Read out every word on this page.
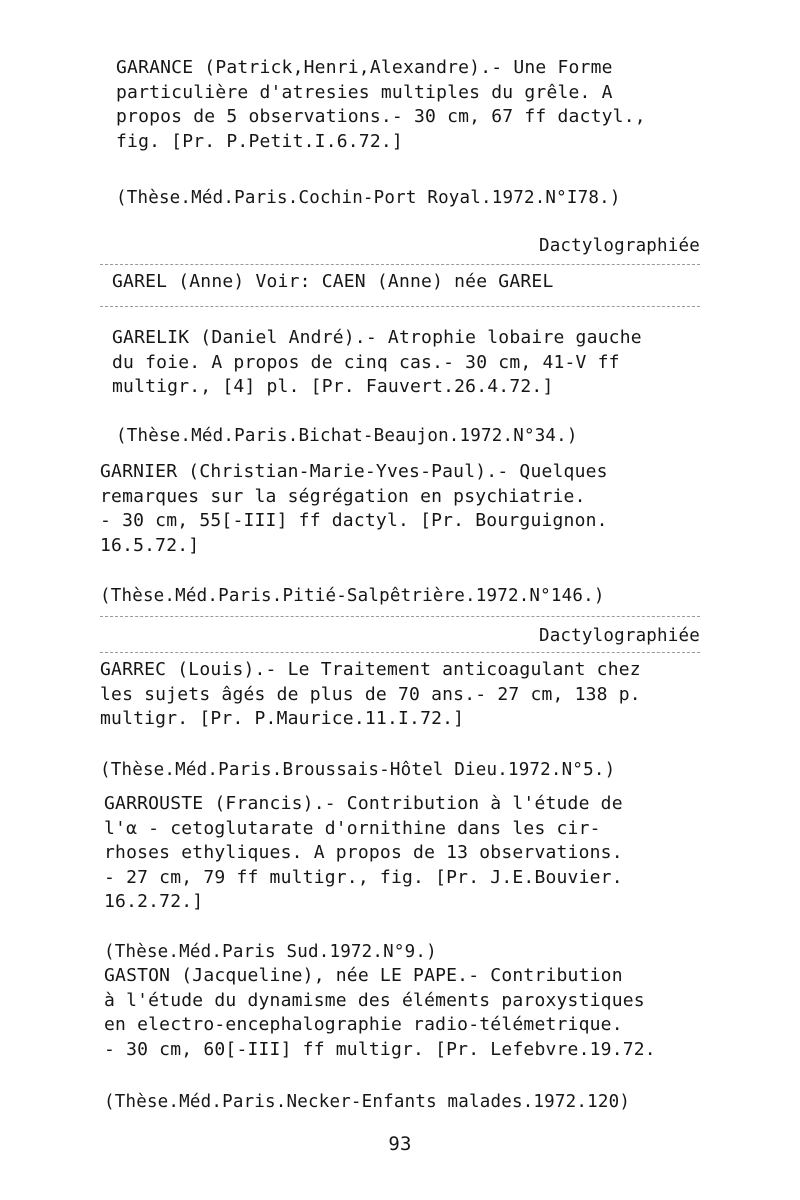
GARANCE (Patrick,Henri,Alexandre).- Une Forme
particulière d'atresies multiples du grêle. A
propos de 5 observations.- 30 cm, 67 ff dactyl.,
fig. [Pr. P.Petit.I.6.72.]
(Thèse.Méd.Paris.Cochin-Port Royal.1972.N°I78.)
Dactylographiée
GAREL (Anne) Voir: CAEN (Anne) née GAREL
GARELIK (Daniel André).- Atrophie lobaire gauche
du foie. A propos de cinq cas.- 30 cm, 41-V ff
multigr., [4] pl. [Pr. Fauvert.26.4.72.]
(Thèse.Méd.Paris.Bichat-Beaujon.1972.N°34.)
GARNIER (Christian-Marie-Yves-Paul).- Quelques
remarques sur la ségrégation en psychiatrie.
- 30 cm, 55[-III] ff dactyl. [Pr. Bourguignon.
16.5.72.]
(Thèse.Méd.Paris.Pitié-Salpêtrière.1972.N°146.)
Dactylographiée
GARREC (Louis).- Le Traitement anticoagulant chez
les sujets âgés de plus de 70 ans.- 27 cm, 138 p.
multigr. [Pr. P.Maurice.11.I.72.]
(Thèse.Méd.Paris.Broussais-Hôtel Dieu.1972.N°5.)
GARROUSTE (Francis).- Contribution à l'étude de
l'α - cetoglutarate d'ornithine dans les cir-
rhoses ethyliques. A propos de 13 observations.
- 27 cm, 79 ff multigr., fig. [Pr. J.E.Bouvier.
16.2.72.]
(Thèse.Méd.Paris Sud.1972.N°9.)
GASTON (Jacqueline), née LE PAPE.- Contribution
à l'étude du dynamisme des éléments paroxystiques
en electro-encephalographie radio-télémetrique.
- 30 cm, 60[-III] ff multigr. [Pr. Lefebvre.19.72.
(Thèse.Méd.Paris.Necker-Enfants malades.1972.120)
93
